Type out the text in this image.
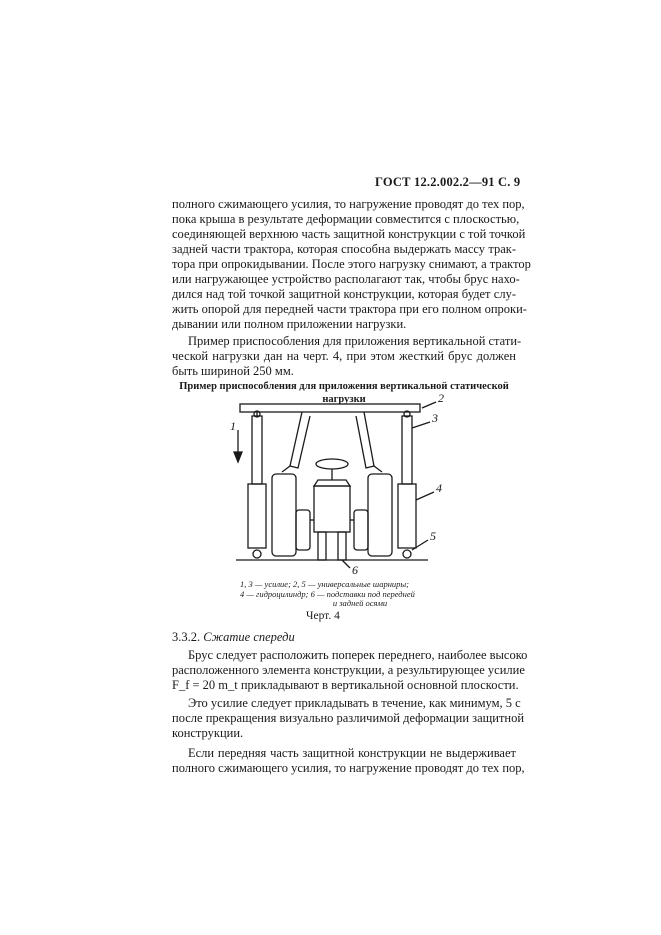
ГОСТ 12.2.002.2—91 С. 9
полного сжимающего усилия, то нагружение проводят до тех пор,
пока крыша в результате деформации совместится с плоскостью,
соединяющей верхнюю часть защитной конструкции с той точкой
задней части трактора, которая способна выдержать массу трак-
тора при опрокидывании. После этого нагрузку снимают, а трактор
или нагружающее устройство располагают так, чтобы брус нахо-
дился над той точкой защитной конструкции, которая будет слу-
жить опорой для передней части трактора при его полном опроки-
дывании или полном приложении нагрузки.
Пример приспособления для приложения вертикальной стати-
ческой нагрузки дан на черт. 4, при этом жесткий брус должен
быть шириной 250 мм.
Пример приспособления для приложения вертикальной статической
нагрузки
1
2
3
4
5
6
1, 3 — усилие; 2, 5 — универсальные шарниры;
4 — гидроцилиндр; 6 — подставки под передней
и задней осями
Черт. 4
3.3.2. Сжатие спереди
Брус следует расположить поперек переднего, наиболее высоко
расположенного элемента конструкции, а результирующее усилие
F_f = 20 m_t прикладывают в вертикальной основной плоскости.
Это усилие следует прикладывать в течение, как минимум, 5 с
после прекращения визуально различимой деформации защитной
конструкции.
Если передняя часть защитной конструкции не выдерживает
полного сжимающего усилия, то нагружение проводят до тех пор,
